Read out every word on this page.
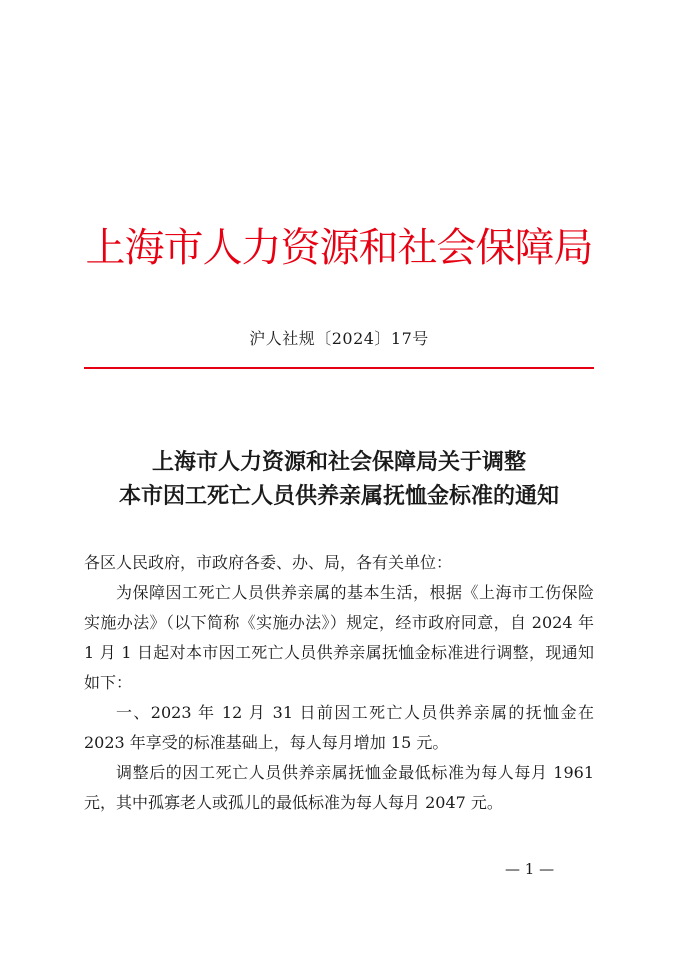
上海市人力资源和社会保障局
沪人社规〔2024〕17号
上海市人力资源和社会保障局关于调整
本市因工死亡人员供养亲属抚恤金标准的通知

各区人民政府，市政府各委、办、局，各有关单位：

为保障因工死亡人员供养亲属的基本生活，根据《上海市工伤保险实施办法》（以下简称《实施办法》）规定，经市政府同意，自 2024 年 1 月 1 日起对本市因工死亡人员供养亲属抚恤金标准进行调整，现通知如下：

一、2023 年 12 月 31 日前因工死亡人员供养亲属的抚恤金在 2023 年享受的标准基础上，每人每月增加 15 元。

调整后的因工死亡人员供养亲属抚恤金最低标准为每人每月 1961 元，其中孤寡老人或孤儿的最低标准为每人每月 2047 元。

— 1 —
